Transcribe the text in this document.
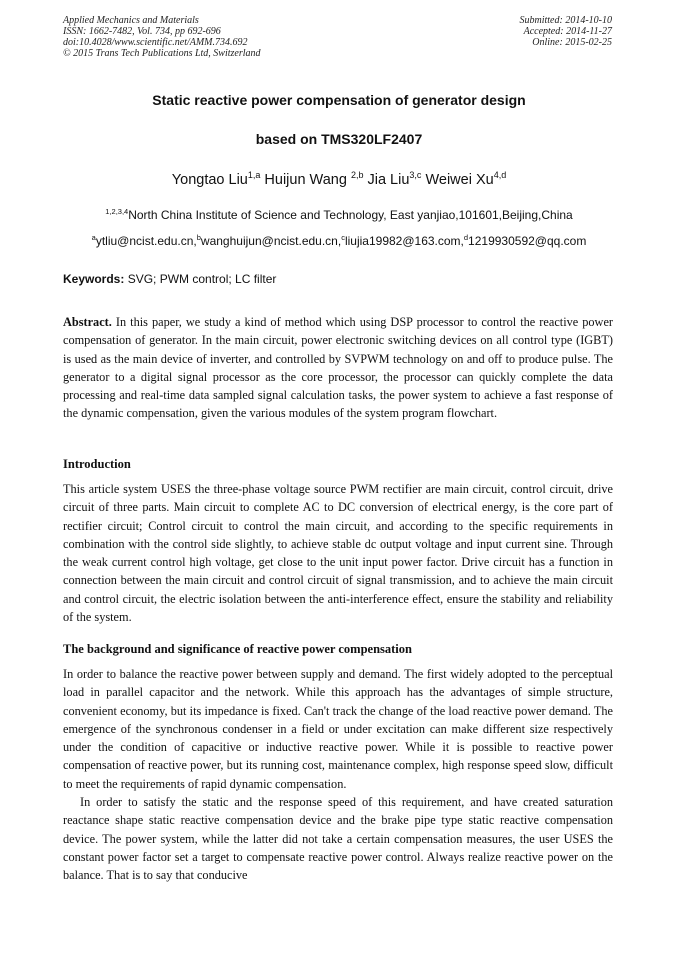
Applied Mechanics and Materials
ISSN: 1662-7482, Vol. 734, pp 692-696
doi:10.4028/www.scientific.net/AMM.734.692
© 2015 Trans Tech Publications Ltd, Switzerland
Submitted: 2014-10-10
Accepted: 2014-11-27
Online: 2015-02-25
Static reactive power compensation of generator design
based on TMS320LF2407
Yongtao Liu$^{1,a}$ Huijun Wang $^{2,b}$ Jia Liu$^{3,c}$ Weiwei Xu$^{4,d}$
$^{1,2,3,4}$North China Institute of Science and Technology, East yanjiao,101601,Beijing,China
$^a$ytliu@ncist.edu.cn,$^b$wanghuijun@ncist.edu.cn,$^c$liujia19982@163.com,$^d$1219930592@qq.com
Keywords: SVG; PWM control; LC filter
Abstract. In this paper, we study a kind of method which using DSP processor to control the reactive power compensation of generator. In the main circuit, power electronic switching devices on all control type (IGBT) is used as the main device of inverter, and controlled by SVPWM technology on and off to produce pulse. The generator to a digital signal processor as the core processor, the processor can quickly complete the data processing and real-time data sampled signal calculation tasks, the power system to achieve a fast response of the dynamic compensation, given the various modules of the system program flowchart.
Introduction
This article system USES the three-phase voltage source PWM rectifier are main circuit, control circuit, drive circuit of three parts. Main circuit to complete AC to DC conversion of electrical energy, is the core part of rectifier circuit; Control circuit to control the main circuit, and according to the specific requirements in combination with the control side slightly, to achieve stable dc output voltage and input current sine. Through the weak current control high voltage, get close to the unit input power factor. Drive circuit has a function in connection between the main circuit and control circuit of signal transmission, and to achieve the main circuit and control circuit, the electric isolation between the anti-interference effect, ensure the stability and reliability of the system.
The background and significance of reactive power compensation

In order to balance the reactive power between supply and demand. The first widely adopted to the perceptual load in parallel capacitor and the network. While this approach has the advantages of simple structure, convenient economy, but its impedance is fixed. Can't track the change of the load reactive power demand. The emergence of the synchronous condenser in a field or under excitation can make different size respectively under the condition of capacitive or inductive reactive power. While it is possible to reactive power compensation of reactive power, but its running cost, maintenance complex, high response speed slow, difficult to meet the requirements of rapid dynamic compensation.

In order to satisfy the static and the response speed of this requirement, and have created saturation reactance shape static reactive compensation device and the brake pipe type static reactive compensation device. The power system, while the latter did not take a certain compensation measures, the user USES the constant power factor set a target to compensate reactive power control. Always realize reactive power on the balance. That is to say that conducive
